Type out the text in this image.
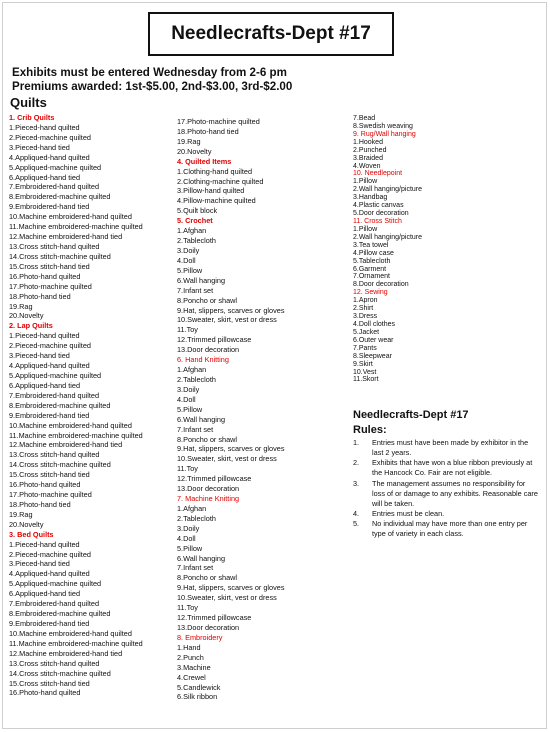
Needlecrafts-Dept #17
Exhibits must be entered Wednesday from 2-6 pm
Premiums awarded: 1st-$5.00, 2nd-$3.00, 3rd-$2.00
Quilts
1. Crib Quilts
1.Pieced-hand quilted
2.Pieced-machine quilted
3.Pieced-hand tied
4.Appliqued-hand quilted
5.Appliqued-machine quilted
6.Appliqued-hand tied
7.Embroidered-hand quilted
8.Embroidered-machine quilted
9.Embroidered-hand tied
10.Machine embroidered-hand quilted
11.Machine embroidered-machine quilted
12.Machine embroidered-hand tied
13.Cross stitch-hand quilted
14.Cross stitch-machine quilted
15.Cross stitch-hand tied
16.Photo-hand quilted
17.Photo-machine quilted
18.Photo-hand tied
19.Rag
20.Novelty
2. Lap Quilts
1.Pieced-hand quilted
2.Pieced-machine quilted
3.Pieced-hand tied
4.Appliqued-hand quilted
5.Appliqued-machine quilted
6.Appliqued-hand tied
7.Embroidered-hand quilted
8.Embroidered-machine quilted
9.Embroidered-hand tied
10.Machine embroidered-hand quilted
11.Machine embroidered-machine quilted
12.Machine embroidered-hand tied
13.Cross stitch-hand quilted
14.Cross stitch-machine quilted
15.Cross stitch-hand tied
16.Photo-hand quilted
17.Photo-machine quilted
18.Photo-hand tied
19.Rag
20.Novelty
3. Bed Quilts
1.Pieced-hand quilted
2.Pieced-machine quilted
3.Pieced-hand tied
4.Appliqued-hand quilted
5.Appliqued-machine quilted
6.Appliqued-hand tied
7.Embroidered-hand quilted
8.Embroidered-machine quilted
9.Embroidered-hand tied
10.Machine embroidered-hand quilted
11.Machine embroidered-machine quilted
12.Machine embroidered-hand tied
13.Cross stitch-hand quilted
14.Cross stitch-machine quilted
15.Cross stitch-hand tied
16.Photo-hand quilted
17.Photo-machine quilted
18.Photo-hand tied
19.Rag
20.Novelty
4. Quilted Items
1.Clothing-hand quilted
2.Clothing-machine quilted
3.Pillow-hand quilted
4.Pillow-machine quilted
5.Quilt block
5. Crochet
1.Afghan
2.Tablecloth
3.Doily
4.Doll
5.Pillow
6.Wall hanging
7.Infant set
8.Poncho or shawl
9.Hat, slippers, scarves or gloves
10.Sweater, skirt, vest or dress
11.Toy
12.Trimmed pillowcase
13.Door decoration
6. Hand Knitting
1.Afghan
2.Tablecloth
3.Doily
4.Doll
5.Pillow
6.Wall hanging
7.Infant set
8.Poncho or shawl
9.Hat, slippers, scarves or gloves
10.Sweater, skirt, vest or dress
11.Toy
12.Trimmed pillowcase
13.Door decoration
7. Machine Knitting
1.Afghan
2.Tablecloth
3.Doily
4.Doll
5.Pillow
6.Wall hanging
7.Infant set
8.Poncho or shawl
9.Hat, slippers, scarves or gloves
10.Sweater, skirt, vest or dress
11.Toy
12.Trimmed pillowcase
13.Door decoration
8. Embroidery
1.Hand
2.Punch
3.Machine
4.Crewel
5.Candlewick
6.Silk ribbon
7.Bead
8.Swedish weaving
9. Rug/Wall hanging
1.Hooked
2.Punched
3.Braided
4.Woven
10. Needlepoint
1.Pillow
2.Wall hanging/picture
3.Handbag
4.Plastic canvas
5.Door decoration
11. Cross Stitch
1.Pillow
2.Wall hanging/picture
3.Tea towel
4.Pillow case
5.Tablecloth
6.Garment
7.Ornament
8.Door decoration
12. Sewing
1.Apron
2.Shirt
3.Dress
4.Doll clothes
5.Jacket
6.Outer wear
7.Pants
8.Sleepwear
9.Skirt
10.Vest
11.Skort
Needlecrafts-Dept #17
Rules:
1.	Entries must have been made by exhibitor in the last 2 years.
2.	Exhibits that have won a blue ribbon previously at the Hancock Co. Fair are not eligible.
3.	The management assumes no responsibility for loss of or damage to any exhibits. Reasonable care will be taken.
4.	Entries must be clean.
5.	No individual may have more than one entry per type of variety in each class.
